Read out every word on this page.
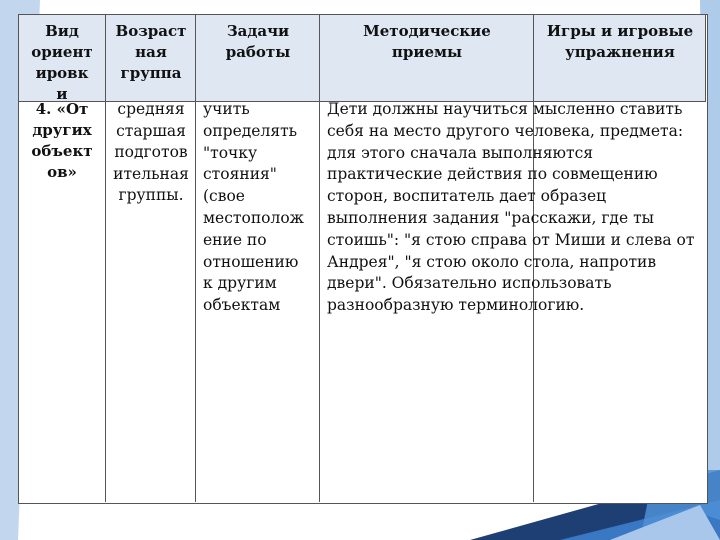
Вид
ориент
ировк
и
Возраст
ная
группа
Задачи
работы
Методические
приемы
Игры и игровые
упражнения
4. «От
других
объект
ов»
средняя
старшая
подготов
ительная
группы.
учить
определять
"точку
стояния"
(свое
местополож
ение по
отношению
к другим
объектам
Дети должны научиться мысленно ставить
себя на место другого человека, предмета:
для этого сначала выполняются
практические действия по совмещению
сторон, воспитатель дает образец
выполнения задания "расскажи, где ты
стоишь": "я стою справа от Миши и слева от
Андрея", "я стою около стола, напротив
двери". Обязательно использовать
разнообразную терминологию.
